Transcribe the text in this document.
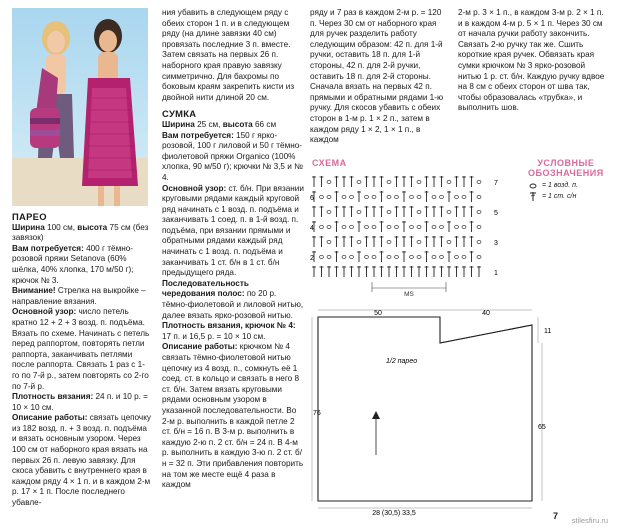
ПАРЕО

Ширина 100 см, высота 75 см (без завязок)

Вам потребуется: 400 г тёмно-розовой пряжи Setanova (60% шёлка, 40% хлопка, 170 м/50 г); крючок № 3.

Внимание! Стрелка на выкройке – направление вязания.

Основной узор: число петель кратно 12 + 2 + 3 возд. п. подъёма. Вязать по схеме. Начинать с петель перед раппортом, повторять петли раппорта, заканчивать петлями после раппорта. Связать 1 раз с 1-го по 7-й р., затем повторять со 2-го по 7-й р.

Плотность вязания: 24 п. и 10 р. = 10 × 10 см.

Описание работы: связать цепочку из 182 возд. п. + 3 возд. п. подъёма и вязать основным узором. Через 100 см от наборного края вязать на первых 26 п. левую завязку. Для скоса убавить с внутреннего края в каждом ряду 4 × 1 п. и в каждом 2-м р. 17 × 1 п. После последнего убавле-

ния убавить в следующем ряду с обеих сторон 1 п. и в следующем ряду (на длине завязки 40 см) провязать последние 3 п. вместе. Затем связать на первых 26 п. наборного края правую завязку симметрично. Для бахромы по боковым краям закрепить кисти из двойной нити длиной 20 см.

СУМКА

Ширина 25 см, высота 66 см

Вам потребуется: 150 г ярко-розовой, 100 г лиловой и 50 г тёмно-фиолетовой пряжи Organico (100% хлопка, 90 м/50 г); крючки № 3,5 и № 4.

Основной узор: ст. б/н. При вязании круговыми рядами каждый круговой ряд начинать с 1 возд. п. подъёма и заканчивать 1 соед. п. в 1-й возд. п. подъёма, при вязании прямыми и обратными рядами каждый ряд начинать с 1 возд. п. подъёма и заканчивать 1 ст. б/н в 1 ст. б/н предыдущего ряда.

Последовательность чередования полос: по 20 р. тёмно-фиолетовой и лиловой нитью, далее вязать ярко-розовой нитью.

Плотность вязания, крючок № 4: 17 п. и 16,5 р. = 10 × 10 см.

Описание работы: крючком № 4 связать тёмно-фиолетовой нитью цепочку из 4 возд. п., сомкнуть её 1 соед. ст. в кольцо и связать в него 8 ст. б/н. Затем вязать круговыми рядами основным узором в указанной последовательности. Во 2-м р. выполнить в каждой петле 2 ст. б/н = 16 п. В 3-м р. выполнить в каждую 2-ю п. 2 ст. б/н = 24 п. В 4-м р. выполнить в каждую 3-ю п. 2 ст. б/н = 32 п. Эти прибавления повторить на том же месте ещё 4 раза в каждом

ряду и 7 раз в каждом 2-м р. = 120 п. Через 30 см от наборного края для ручек разделить работу следующим образом: 42 п. для 1-й ручки, оставить 18 п. для 1-й стороны, 42 п. для 2-й ручки, оставить 18 п. для 2-й стороны. Сначала вязать на первых 42 п. прямыми и обратными рядами 1-ю ручку. Для скосов убавить с обеих сторон в 1-м р. 1 × 2 п., затем в каждом ряду 1 × 2, 1 × 1 п., в каждом

2-м р. 3 × 1 п., в каждом 3-м р. 2 × 1 п. и в каждом 4-м р. 5 × 1 п. Через 30 см от начала ручки работу закончить. Связать 2-ю ручку так же. Сшить короткие края ручек. Обвязать края сумки крючком № 3 ярко-розовой нитью 1 р. ст. б/н. Каждую ручку вдвое на 8 см с обеих сторон от шва так, чтобы образовалась «трубка», и выполнить шов.

СХЕМА	УСЛОВНЫЕ
ОБОЗНАЧЕНИЯ
= 1 возд. п.
= 1 ст. с/н
7
6
5
4
3
2
1
MS
50	40
11
76
65
28 (30,5) 33,5
1/2 парео
stilesfiru.ru
7
